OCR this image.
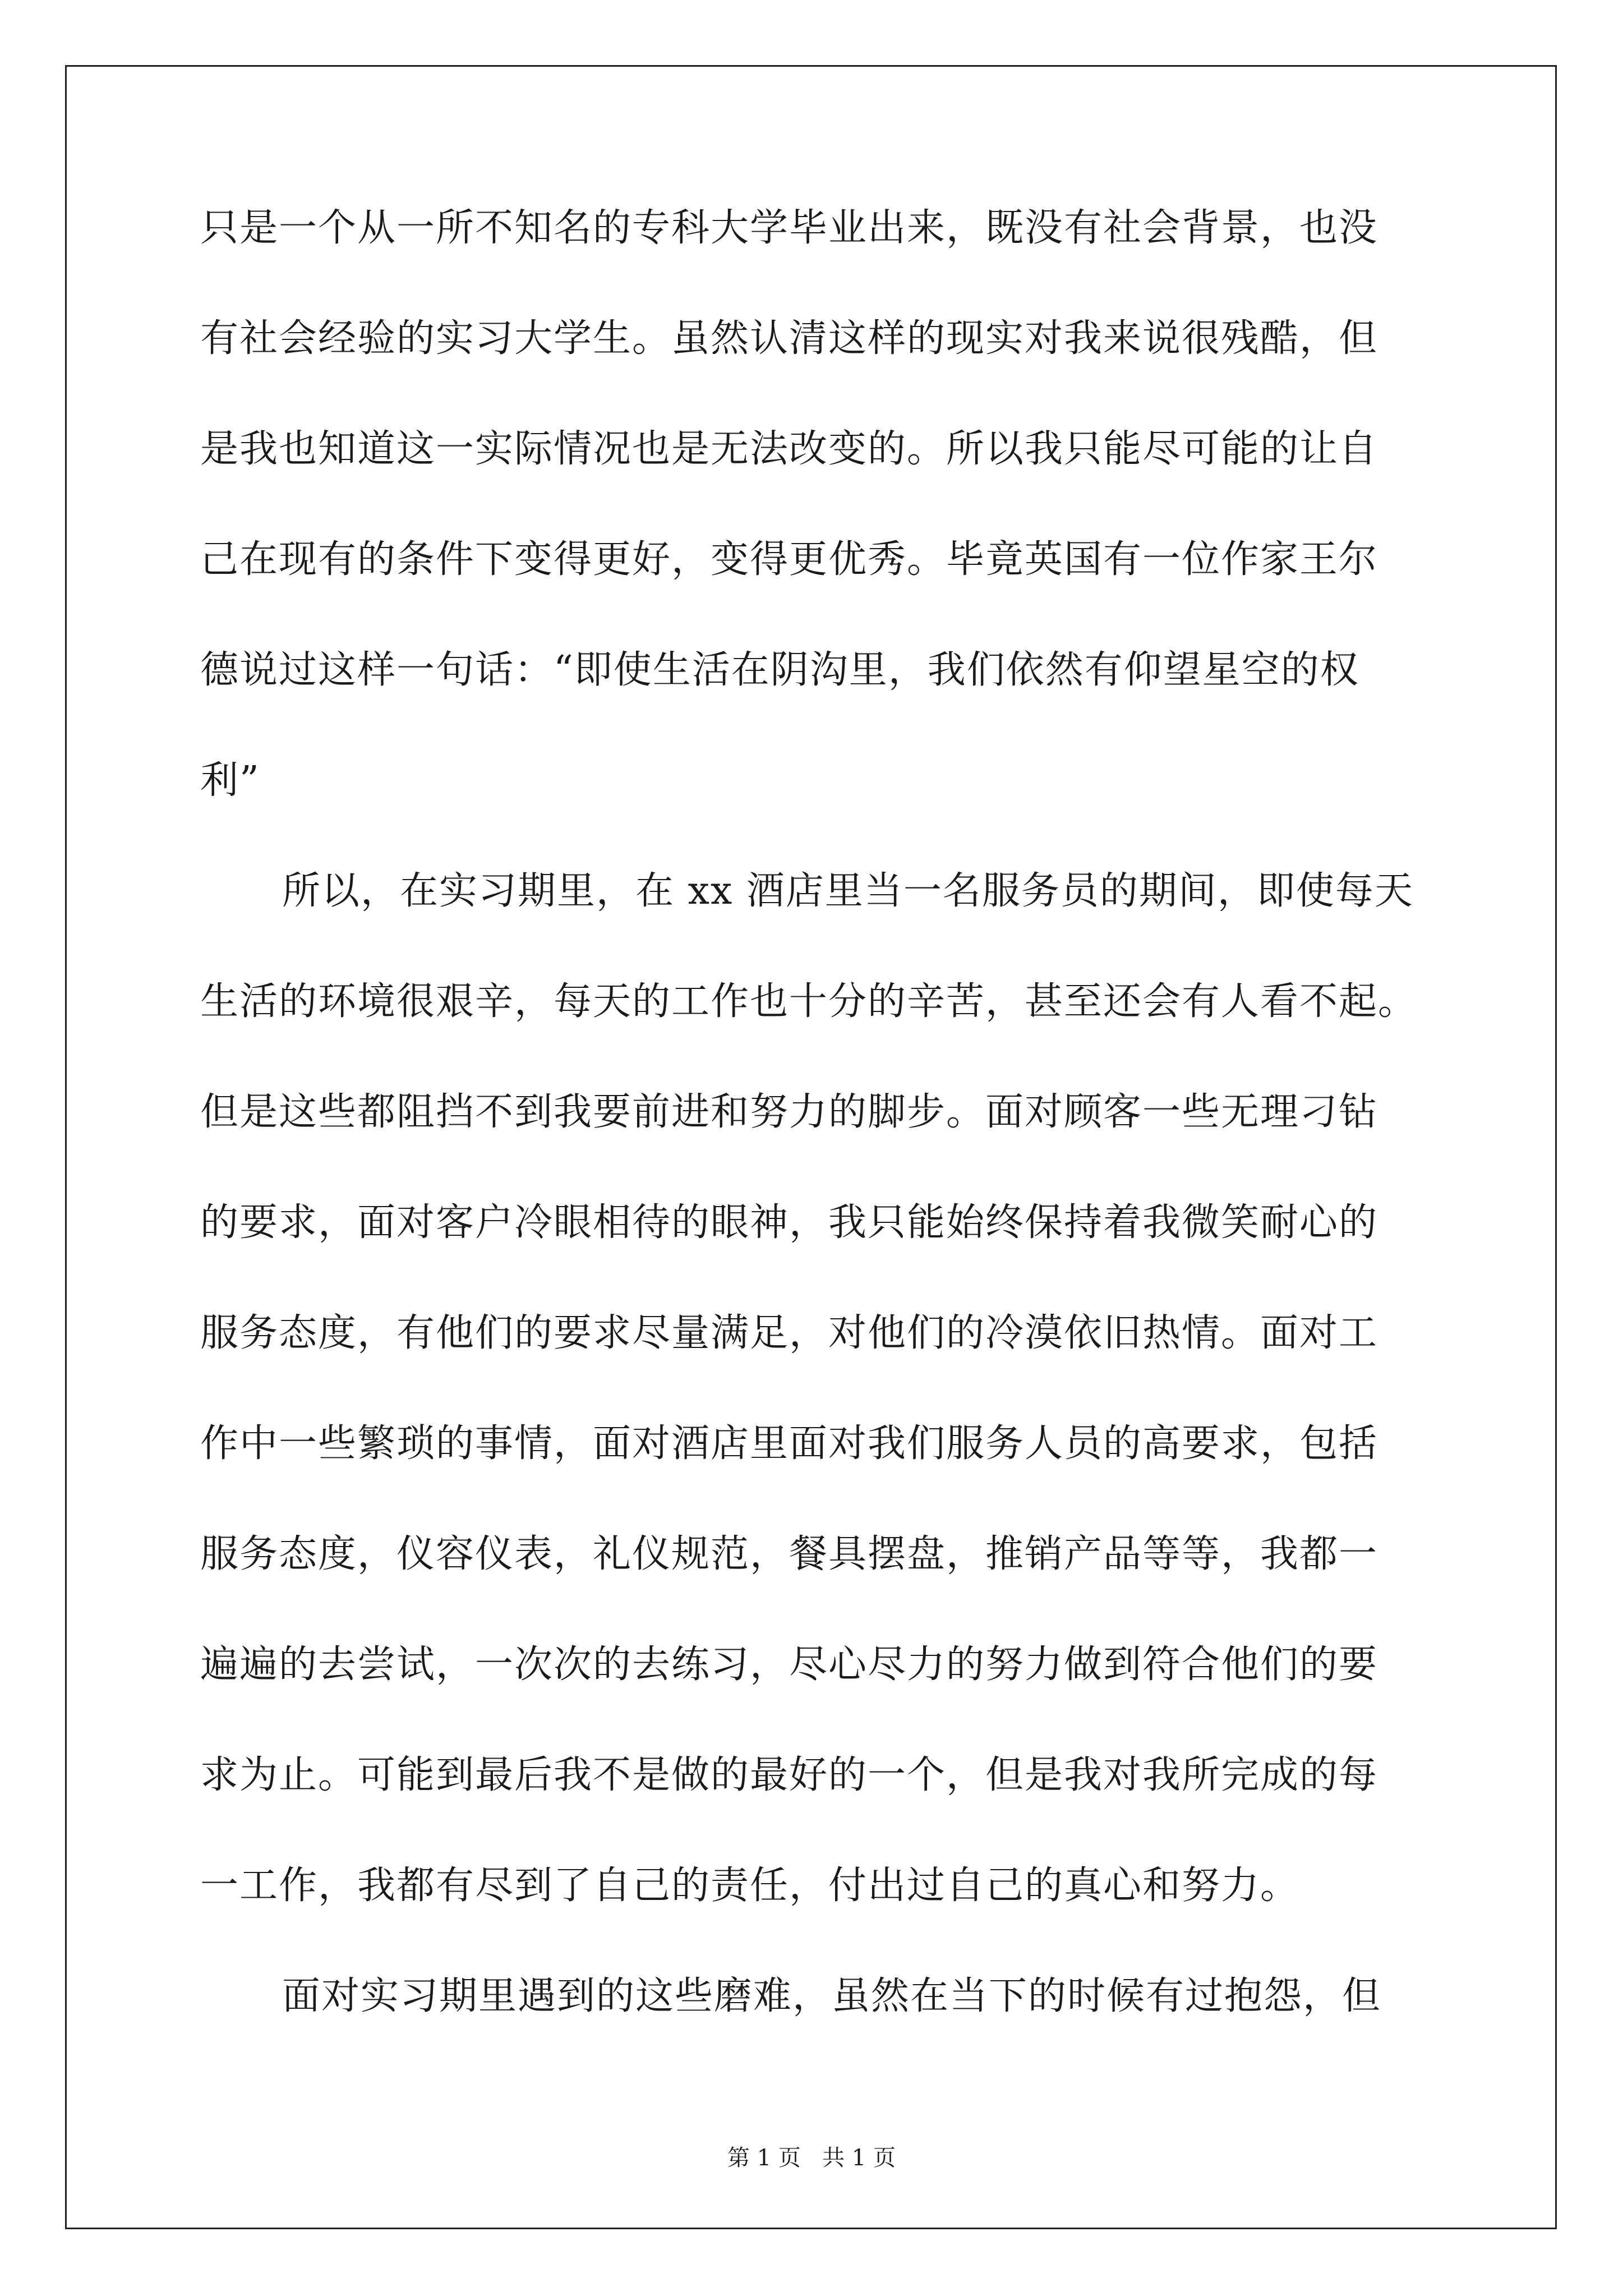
只是一个从一所不知名的专科大学毕业出来，既没有社会背景，也没
有社会经验的实习大学生。虽然认清这样的现实对我来说很残酷，但
是我也知道这一实际情况也是无法改变的。所以我只能尽可能的让自
己在现有的条件下变得更好，变得更优秀。毕竟英国有一位作家王尔
德说过这样一句话：“即使生活在阴沟里，我们依然有仰望星空的权
利”
所以，在实习期里，在 xx 酒店里当一名服务员的期间，即使每天
生活的环境很艰辛，每天的工作也十分的辛苦，甚至还会有人看不起。
但是这些都阻挡不到我要前进和努力的脚步。面对顾客一些无理刁钻
的要求，面对客户冷眼相待的眼神，我只能始终保持着我微笑耐心的
服务态度，有他们的要求尽量满足，对他们的冷漠依旧热情。面对工
作中一些繁琐的事情，面对酒店里面对我们服务人员的高要求，包括
服务态度，仪容仪表，礼仪规范，餐具摆盘，推销产品等等，我都一
遍遍的去尝试，一次次的去练习，尽心尽力的努力做到符合他们的要
求为止。可能到最后我不是做的最好的一个，但是我对我所完成的每
一工作，我都有尽到了自己的责任，付出过自己的真心和努力。
面对实习期里遇到的这些磨难，虽然在当下的时候有过抱怨，但
第 1 页   共 1 页
